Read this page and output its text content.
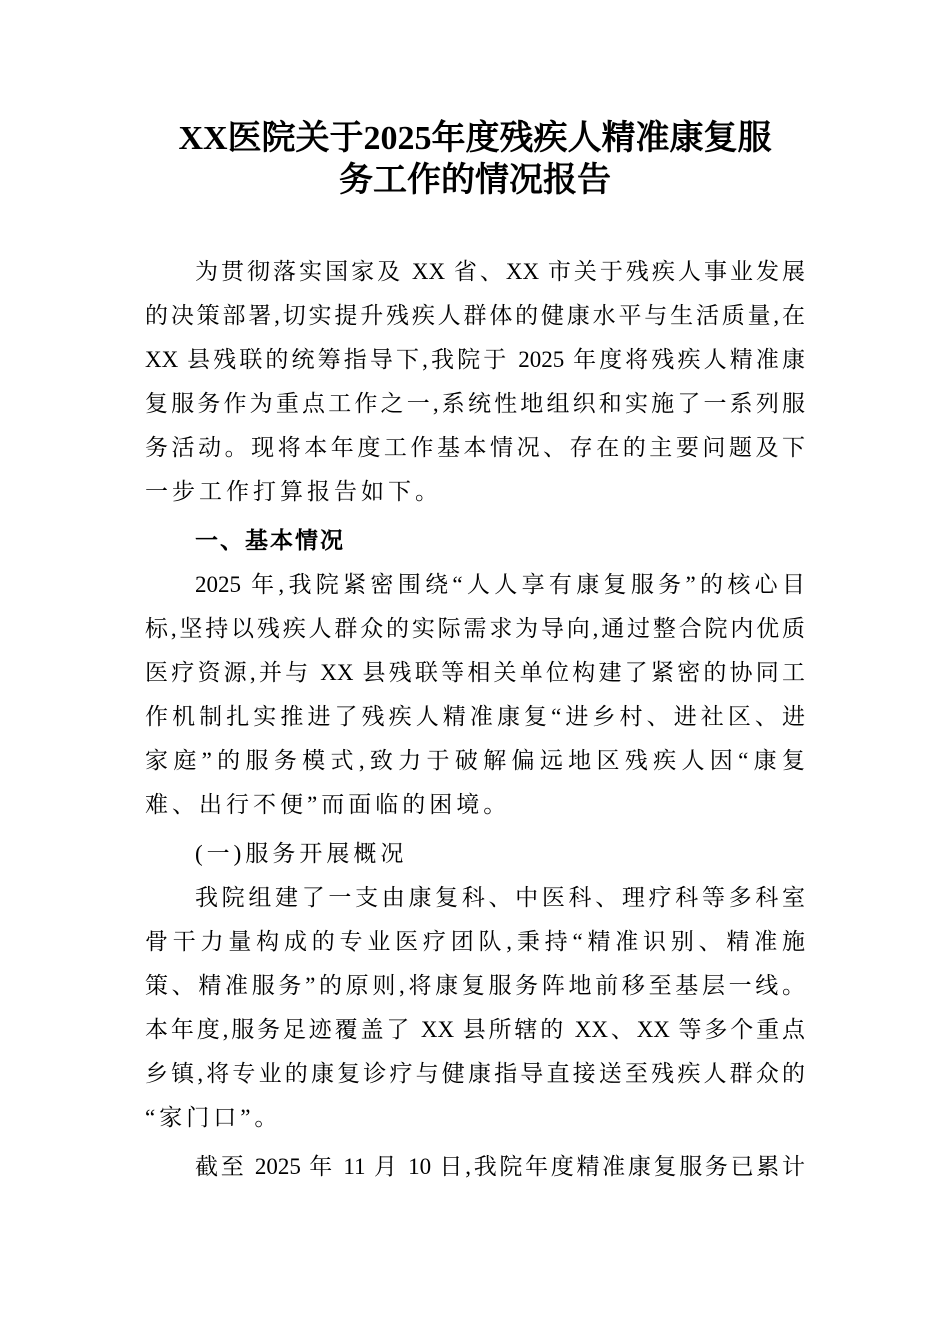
XX医院关于2025年度残疾人精准康复服
务工作的情况报告
为贯彻落实国家及 XX 省、XX 市关于残疾人事业发展
的决策部署,切实提升残疾人群体的健康水平与生活质量,在
XX 县残联的统筹指导下,我院于 2025 年度将残疾人精准康
复服务作为重点工作之一,系统性地组织和实施了一系列服
务活动。现将本年度工作基本情况、存在的主要问题及下
一步工作打算报告如下。
一、基本情况
2025 年,我院紧密围绕“人人享有康复服务”的核心目
标,坚持以残疾人群众的实际需求为导向,通过整合院内优质
医疗资源,并与 XX 县残联等相关单位构建了紧密的协同工
作机制扎实推进了残疾人精准康复“进乡村、进社区、进
家庭”的服务模式,致力于破解偏远地区残疾人因“康复
难、出行不便”而面临的困境。
(一)服务开展概况
我院组建了一支由康复科、中医科、理疗科等多科室
骨干力量构成的专业医疗团队,秉持“精准识别、精准施
策、精准服务”的原则,将康复服务阵地前移至基层一线。
本年度,服务足迹覆盖了 XX 县所辖的 XX、XX 等多个重点
乡镇,将专业的康复诊疗与健康指导直接送至残疾人群众的
“家门口”。
截至 2025 年 11 月 10 日,我院年度精准康复服务已累计
